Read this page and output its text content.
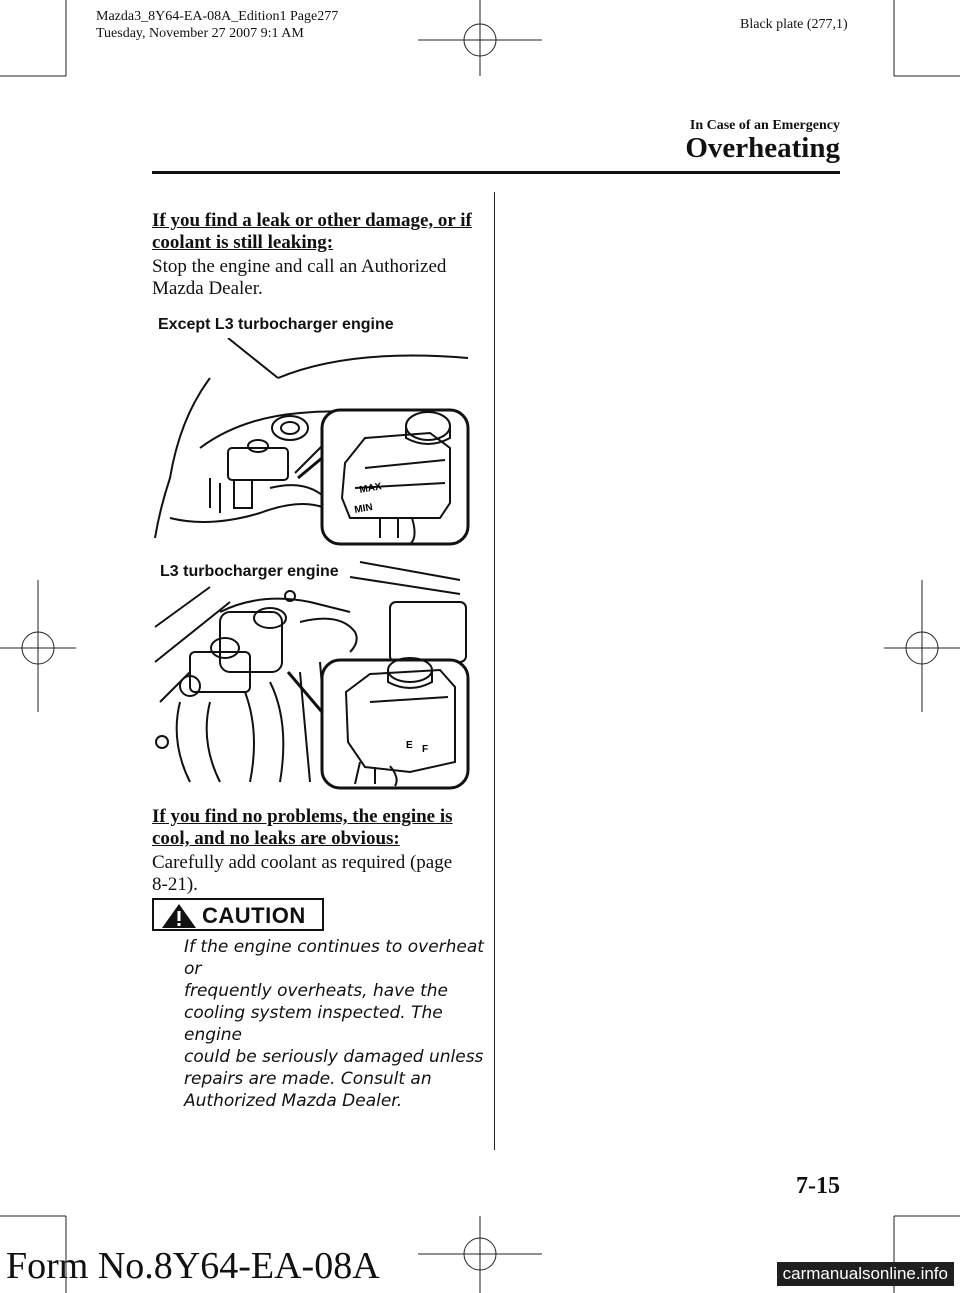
Mazda3_8Y64-EA-08A_Edition1 Page277
Tuesday, November 27 2007 9:1 AM
Black plate (277,1)
In Case of an Emergency
Overheating
If you find a leak or other damage, or if
coolant is still leaking:
Stop the engine and call an Authorized
Mazda Dealer.
Except L3 turbocharger engine
MAX
MIN
L3 turbocharger engine
E F
If you find no problems, the engine is
cool, and no leaks are obvious:
Carefully add coolant as required (page
8-21).
CAUTION
If the engine continues to overheat or
frequently overheats, have the
cooling system inspected. The engine
could be seriously damaged unless
repairs are made. Consult an
Authorized Mazda Dealer.
7-15
Form No.8Y64-EA-08A	carmanualsonline.info
